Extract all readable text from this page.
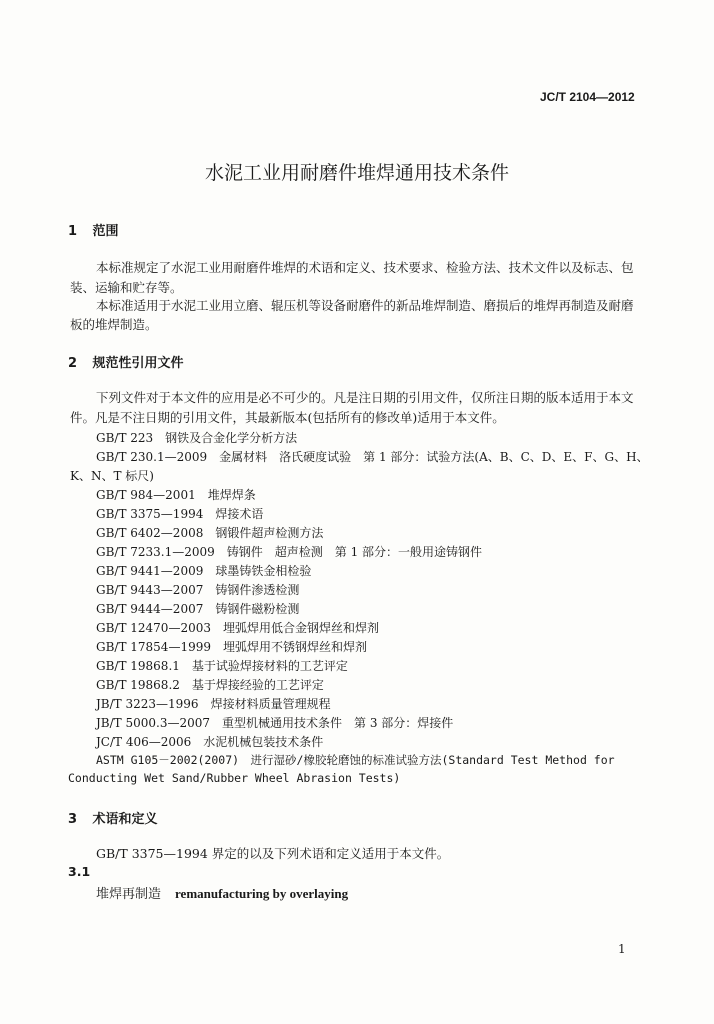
JC/T 2104—2012
水泥工业用耐磨件堆焊通用技术条件
1 范围
本标准规定了水泥工业用耐磨件堆焊的术语和定义、技术要求、检验方法、技术文件以及标志、包
装、运输和贮存等。
本标准适用于水泥工业用立磨、辊压机等设备耐磨件的新品堆焊制造、磨损后的堆焊再制造及耐磨
板的堆焊制造。
2 规范性引用文件
下列文件对于本文件的应用是必不可少的。凡是注日期的引用文件，仅所注日期的版本适用于本文
件。凡是不注日期的引用文件，其最新版本(包括所有的修改单)适用于本文件。
GB/T 223　钢铁及合金化学分析方法
GB/T 230.1—2009　金属材料　洛氏硬度试验　第 1 部分：试验方法(A、B、C、D、E、F、G、H、
K、N、T 标尺)
GB/T 984—2001　堆焊焊条
GB/T 3375—1994　焊接术语
GB/T 6402—2008　钢锻件超声检测方法
GB/T 7233.1—2009　铸钢件　超声检测　第 1 部分：一般用途铸钢件
GB/T 9441—2009　球墨铸铁金相检验
GB/T 9443—2007　铸钢件渗透检测
GB/T 9444—2007　铸钢件磁粉检测
GB/T 12470—2003　埋弧焊用低合金钢焊丝和焊剂
GB/T 17854—1999　埋弧焊用不锈钢焊丝和焊剂
GB/T 19868.1　基于试验焊接材料的工艺评定
GB/T 19868.2　基于焊接经验的工艺评定
JB/T 3223—1996　焊接材料质量管理规程
JB/T 5000.3—2007　重型机械通用技术条件　第 3 部分：焊接件
JC/T 406—2006　水泥机械包装技术条件
ASTM G105－2002(2007)　进行湿砂/橡胶轮磨蚀的标准试验方法(Standard Test Method for
Conducting Wet Sand/Rubber Wheel Abrasion Tests)
3 术语和定义
GB/T 3375—1994 界定的以及下列术语和定义适用于本文件。
3.1
堆焊再制造 remanufacturing by overlaying
1
